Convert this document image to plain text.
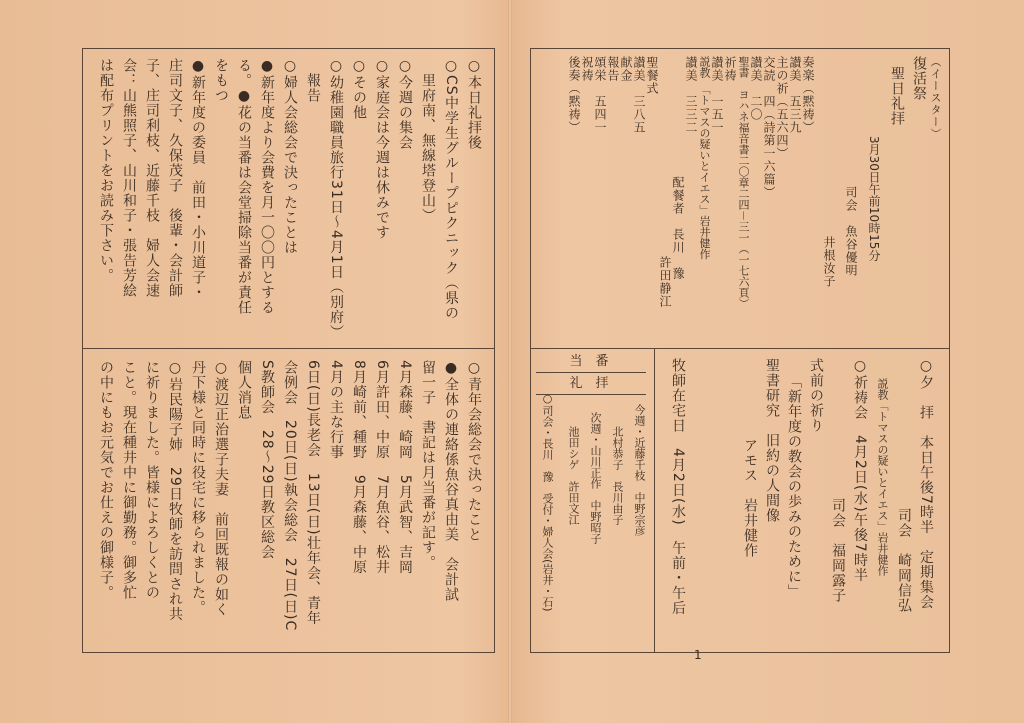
○本日礼拝後
○CS中学生グループピクニック（県の
　里府南、無線塔登山）
○今週の集会
○家庭会は今週は休みです
○その他
○幼稚園職員旅行31日～4月1日（別府）
　報告
○婦人会総会で決ったことは
●新年度より会費を月一〇〇円とする
る。●花の当番は会堂掃除当番が責任
をもつ
●新年度の委員　前田・小川道子・
庄司文子、久保茂子　後輩・会計師
子、庄司利枝、近藤千枝　婦人会速
会：山熊照子、山川和子・張告芳絵
は配布プリントをお読み下さい。
○青年会総会で決ったこと
●全体の連絡係魚谷真由美　会計試
留一子　書記は月当番が記す。
4月森藤、崎岡　5月武智、吉岡
6月許田、中原　7月魚谷、松井
8月崎前、種野　9月森藤、中原
4月の主な行事
6日(日)長老会　13日(日)壮年会、青年
会例会　20日(日)執会総会　27日(日)C
S教師会　28～29日教区総会
個人消息
○渡辺正治選子夫妻　前回既報の如く
丹下様と同時に役宅に移られました。
○岩民陽子姉　29日牧師を訪問され共
に祈りました。皆様によろしくとの
こと。現在種井中に御勤務。御多忙
の中にもお元気でお仕えの御様子。
（イースター）
復活祭
聖日礼拝
3月30日午前10時15分
司会　魚谷優明
井根汝子
奏楽（黙祷）
讃美　五三九
主の祈（五六四）
交読　四（詩第一六篇）
讃美　二〇
聖書　ヨハネ福音書二〇章二四－三一（一七六頁）
祈祷
讃美　一五一
説教　「トマスの疑いとイエス」岩井健作
讃美　三三二
配餐者　長川　豫
許田静江
聖餐式
讃美　三八五
献金
報告
頌栄　五四一
祝祷
後奏（黙祷）
○夕　拝　本日午後7時半　定期集会
司会　崎岡信弘
説教「トマスの疑いとイエス」岩井健作
○祈祷会　4月2日(水)午後7時半
司会　福岡露子
式前の祈り
「新年度の教会の歩みのために」
聖書研究　旧約の人間像
アモス　岩井健作
牧師在宅日　4月2日(水)　午前・午后
当　番
礼　拝
今週・近藤千枝　中野宗彦
北村恭子　長川由子
次週・山川正作　中野昭子
池田シゲ　許田文江
○司会・長川　豫　受付・婦人会(岩井・石)
1
